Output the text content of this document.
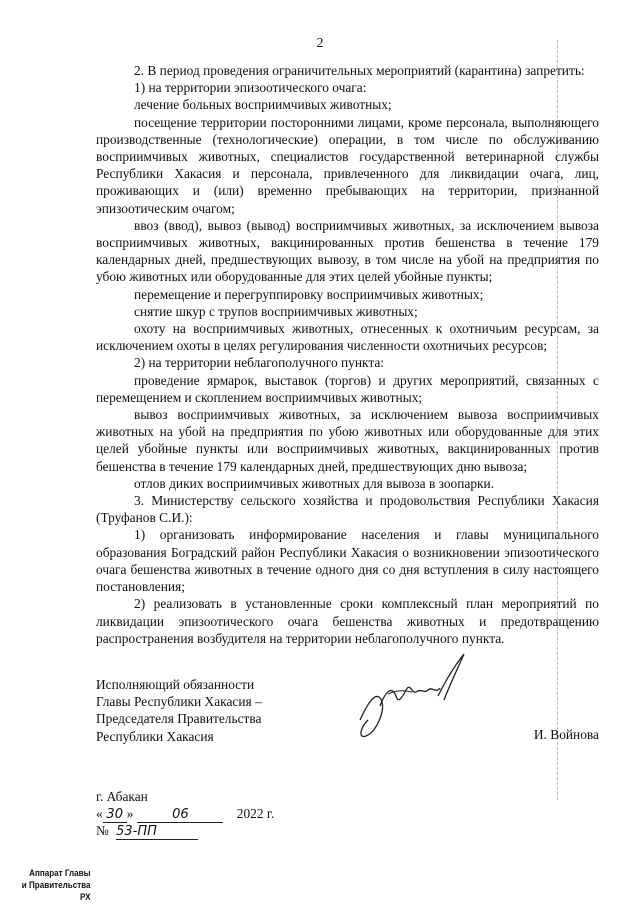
2

2. В период проведения ограничительных мероприятий (карантина) запретить:

1) на территории эпизоотического очага:

лечение больных восприимчивых животных;

посещение территории посторонними лицами, кроме персонала, выполняющего производственные (технологические) операции, в том числе по обслуживанию восприимчивых животных, специалистов государственной ветеринарной службы Республики Хакасия и персонала, привлеченного для ликвидации очага, лиц, проживающих и (или) временно пребывающих на территории, признанной эпизоотическим очагом;

ввоз (ввод), вывоз (вывод) восприимчивых животных, за исключением вывоза восприимчивых животных, вакцинированных против бешенства в течение 179 календарных дней, предшествующих вывозу, в том числе на убой на предприятия по убою животных или оборудованные для этих целей убойные пункты;

перемещение и перегруппировку восприимчивых животных;

снятие шкур с трупов восприимчивых животных;

охоту на восприимчивых животных, отнесенных к охотничьим ресурсам, за исключением охоты в целях регулирования численности охотничьих ресурсов;

2) на территории неблагополучного пункта:

проведение ярмарок, выставок (торгов) и других мероприятий, связанных с перемещением и скоплением восприимчивых животных;

вывоз восприимчивых животных, за исключением вывоза восприимчивых животных на убой на предприятия по убою животных или оборудованные для этих целей убойные пункты или восприимчивых животных, вакцинированных против бешенства в течение 179 календарных дней, предшествующих дню вывоза;

отлов диких восприимчивых животных для вывоза в зоопарки.

3. Министерству сельского хозяйства и продовольствия Республики Хакасия (Труфанов С.И.):

1) организовать информирование населения и главы муниципального образования Боградский район Республики Хакасия о возникновении эпизоотического очага бешенства животных в течение одного дня со дня вступления в силу настоящего постановления;

2) реализовать в установленные сроки комплексный план мероприятий по ликвидации эпизоотического очага бешенства животных и предотвращению распространения возбудителя на территории неблагополучного пункта.

Исполняющий обязанности
Главы Республики Хакасия –
Председателя Правительства
Республики Хакасия	И. Войнова
г. Абакан
« 30 »	06	2022 г.
№ 53-ПП
Аппарат Главы
и Правительства РХ
